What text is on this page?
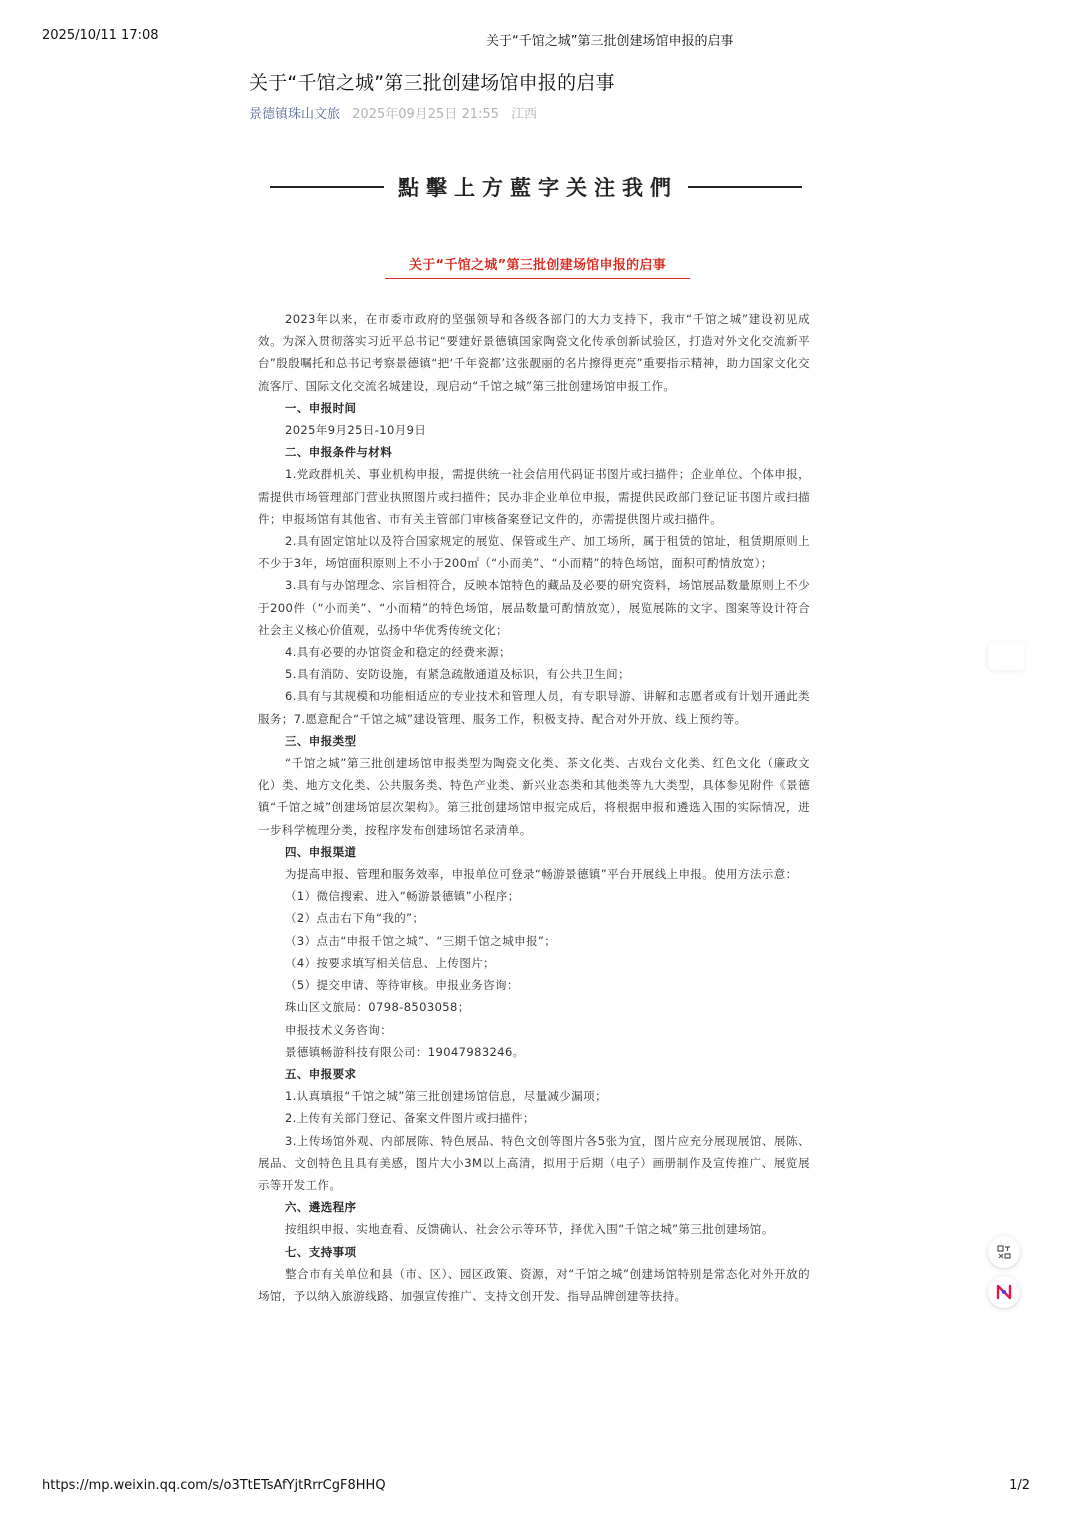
2025/10/11 17:08	关于“千馆之城”第三批创建场馆申报的启事
关于“千馆之城”第三批创建场馆申报的启事
景德镇珠山文旅 2025年09月25日 21:55 江西
點擊上方藍字关注我們
关于“千馆之城”第三批创建场馆申报的启事

2023年以来，在市委市政府的坚强领导和各级各部门的大力支持下，我市“千馆之城”建设初见成效。为深入贯彻落实习近平总书记“要建好景德镇国家陶瓷文化传承创新试验区，打造对外文化交流新平台”殷殷嘱托和总书记考察景德镇“把‘千年瓷都’这张靓丽的名片擦得更亮”重要指示精神，助力国家文化交流客厅、国际文化交流名城建设，现启动“千馆之城”第三批创建场馆申报工作。

一、申报时间

2025年9月25日-10月9日

二、申报条件与材料

1.党政群机关、事业机构申报，需提供统一社会信用代码证书图片或扫描件；企业单位、个体申报，需提供市场管理部门营业执照图片或扫描件；民办非企业单位申报，需提供民政部门登记证书图片或扫描件；申报场馆有其他省、市有关主管部门审核备案登记文件的，亦需提供图片或扫描件。

2.具有固定馆址以及符合国家规定的展览、保管或生产、加工场所，属于租赁的馆址，租赁期原则上不少于3年，场馆面积原则上不小于200㎡（“小而美”、“小而精”的特色场馆，面积可酌情放宽）；

3.具有与办馆理念、宗旨相符合，反映本馆特色的藏品及必要的研究资料，场馆展品数量原则上不少于200件（“小而美”、“小而精”的特色场馆，展品数量可酌情放宽），展览展陈的文字、图案等设计符合社会主义核心价值观，弘扬中华优秀传统文化；

4.具有必要的办馆资金和稳定的经费来源；

5.具有消防、安防设施，有紧急疏散通道及标识，有公共卫生间；

6.具有与其规模和功能相适应的专业技术和管理人员，有专职导游、讲解和志愿者或有计划开通此类服务；7.愿意配合“千馆之城”建设管理、服务工作，积极支持、配合对外开放、线上预约等。

三、申报类型

“千馆之城”第三批创建场馆申报类型为陶瓷文化类、茶文化类、古戏台文化类、红色文化（廉政文化）类、地方文化类、公共服务类、特色产业类、新兴业态类和其他类等九大类型，具体参见附件《景德镇“千馆之城”创建场馆层次架构》。第三批创建场馆申报完成后，将根据申报和遴选入围的实际情况，进一步科学梳理分类，按程序发布创建场馆名录清单。

四、申报渠道

为提高申报、管理和服务效率，申报单位可登录“畅游景德镇”平台开展线上申报。使用方法示意：

（1）微信搜索、进入“畅游景德镇”小程序；

（2）点击右下角“我的”；

（3）点击“申报千馆之城”、“三期千馆之城申报”；

（4）按要求填写相关信息、上传图片；

（5）提交申请、等待审核。申报业务咨询：

珠山区文旅局：0798-8503058；

申报技术义务咨询：

景德镇畅游科技有限公司：19047983246。

五、申报要求

1.认真填报“千馆之城”第三批创建场馆信息，尽量减少漏项；

2.上传有关部门登记、备案文件图片或扫描件；

3.上传场馆外观、内部展陈、特色展品、特色文创等图片各5张为宜，图片应充分展现展馆、展陈、展品、文创特色且具有美感，图片大小3M以上高清，拟用于后期（电子）画册制作及宣传推广、展览展示等开发工作。

六、遴选程序

按组织申报、实地查看、反馈确认、社会公示等环节，择优入围“千馆之城”第三批创建场馆。

七、支持事项

整合市有关单位和县（市、区）、园区政策、资源，对“千馆之城”创建场馆特别是常态化对外开放的场馆，予以纳入旅游线路、加强宣传推广、支持文创开发、指导品牌创建等扶持。

https://mp.weixin.qq.com/s/o3TtETsAfYjtRrrCgF8HHQ	1/2
